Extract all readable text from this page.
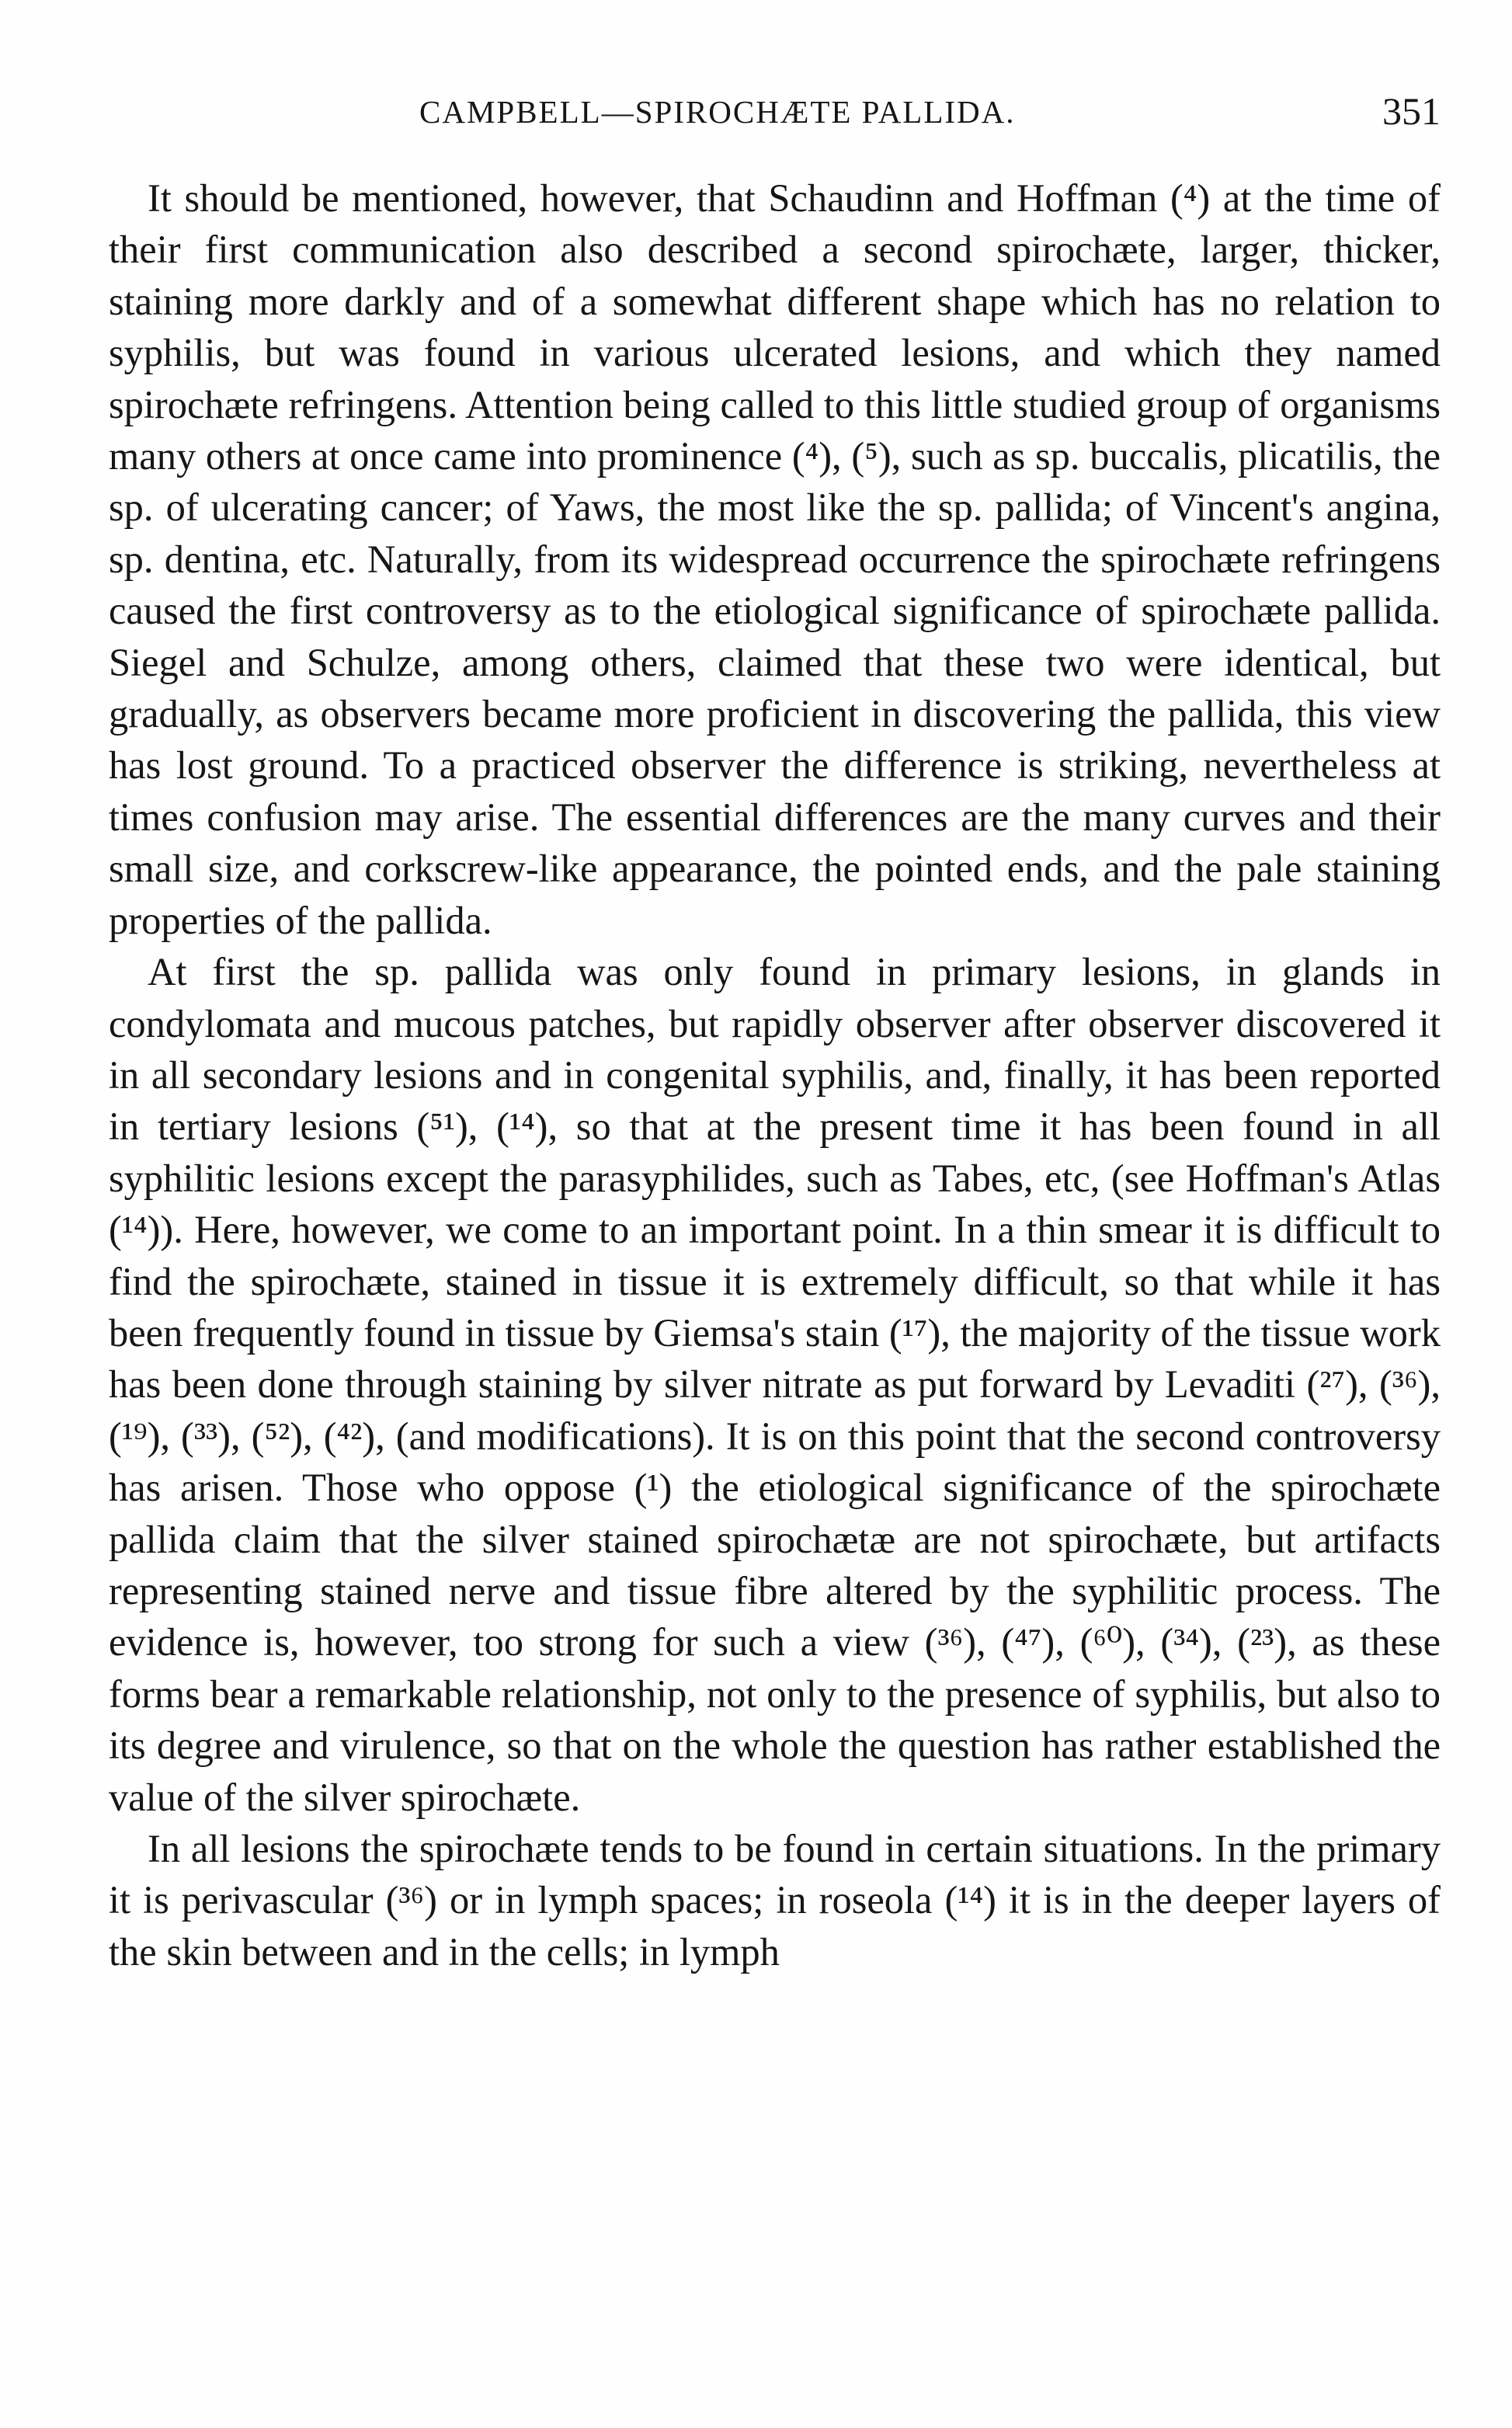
CAMPBELL—SPIROCHÆTE PALLIDA.	351

It should be mentioned, however, that Schaudinn and Hoffman (⁴) at the time of their first communication also described a second spirochæte, larger, thicker, staining more darkly and of a somewhat different shape which has no relation to syphilis, but was found in various ulcerated lesions, and which they named spirochæte refringens. Attention being called to this little studied group of organisms many others at once came into prominence (⁴), (⁵), such as sp. buccalis, plicatilis, the sp. of ulcerating cancer; of Yaws, the most like the sp. pallida; of Vincent's angina, sp. dentina, etc. Naturally, from its widespread occurrence the spirochæte refringens caused the first controversy as to the etiological significance of spirochæte pallida. Siegel and Schulze, among others, claimed that these two were identical, but gradually, as observers became more proficient in discovering the pallida, this view has lost ground. To a practiced observer the difference is striking, nevertheless at times confusion may arise. The essential differences are the many curves and their small size, and corkscrew-like appearance, the pointed ends, and the pale staining properties of the pallida.

At first the sp. pallida was only found in primary lesions, in glands in condylomata and mucous patches, but rapidly observer after observer discovered it in all secondary lesions and in congenital syphilis, and, finally, it has been reported in tertiary lesions (⁵¹), (¹⁴), so that at the present time it has been found in all syphilitic lesions except the parasyphilides, such as Tabes, etc, (see Hoffman's Atlas (¹⁴)). Here, however, we come to an important point. In a thin smear it is difficult to find the spirochæte, stained in tissue it is extremely difficult, so that while it has been frequently found in tissue by Giemsa's stain (¹⁷), the majority of the tissue work has been done through staining by silver nitrate as put forward by Levaditi (²⁷), (³⁶), (¹⁹), (³³), (⁵²), (⁴²), (and modifications). It is on this point that the second controversy has arisen. Those who oppose (¹) the etiological significance of the spirochæte pallida claim that the silver stained spirochætæ are not spirochæte, but artifacts representing stained nerve and tissue fibre altered by the syphilitic process. The evidence is, however, too strong for such a view (³⁶), (⁴⁷), (⁶⁰), (³⁴), (²³), as these forms bear a remarkable relationship, not only to the presence of syphilis, but also to its degree and virulence, so that on the whole the question has rather established the value of the silver spirochæte.

In all lesions the spirochæte tends to be found in certain situations. In the primary it is perivascular (³⁶) or in lymph spaces; in roseola (¹⁴) it is in the deeper layers of the skin between and in the cells; in lymph
